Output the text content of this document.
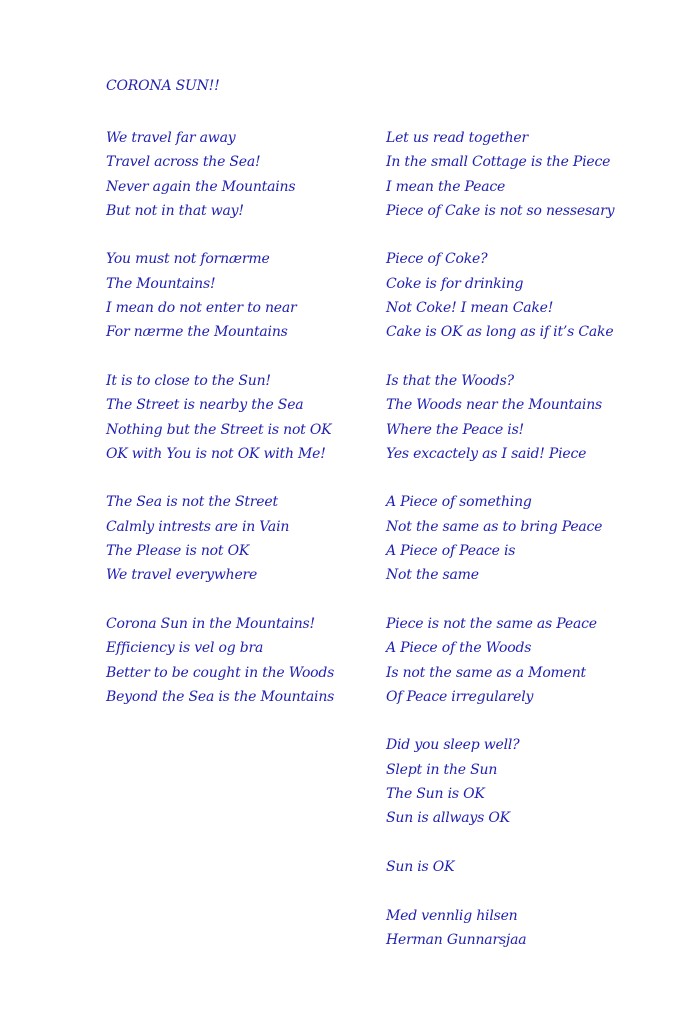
CORONA SUN!!
We travel far away
Travel across the Sea!
Never again the Mountains
But not in that way!
You must not fornærme
The Mountains!
I mean do not enter to near
For nærme the Mountains
It is to close to the Sun!
The Street is nearby the Sea
Nothing but the Street is not OK
OK with You is not OK with Me!
The Sea is not the Street
Calmly intrests are in Vain
The Please is not OK
We travel everywhere
Corona Sun in the Mountains!
Efficiency is vel og bra
Better to be cought in the Woods
Beyond the Sea is the Mountains
Let us read together
In the small Cottage is the Piece
I mean the Peace
Piece of Cake is not so nessesary
Piece of Coke?
Coke is for drinking
Not Coke! I mean Cake!
Cake is OK as long as if it’s Cake
Is that the Woods?
The Woods near the Mountains
Where the Peace is!
Yes excactely as I said! Piece
A Piece of something
Not the same as to bring Peace
A Piece of Peace is
Not the same
Piece is not the same as Peace
A Piece of the Woods
Is not the same as a Moment
Of Peace irregularely
Did you sleep well?
Slept in the Sun
The Sun is OK
Sun is allways OK
Sun is OK
Med vennlig hilsen
Herman Gunnarsjaa
